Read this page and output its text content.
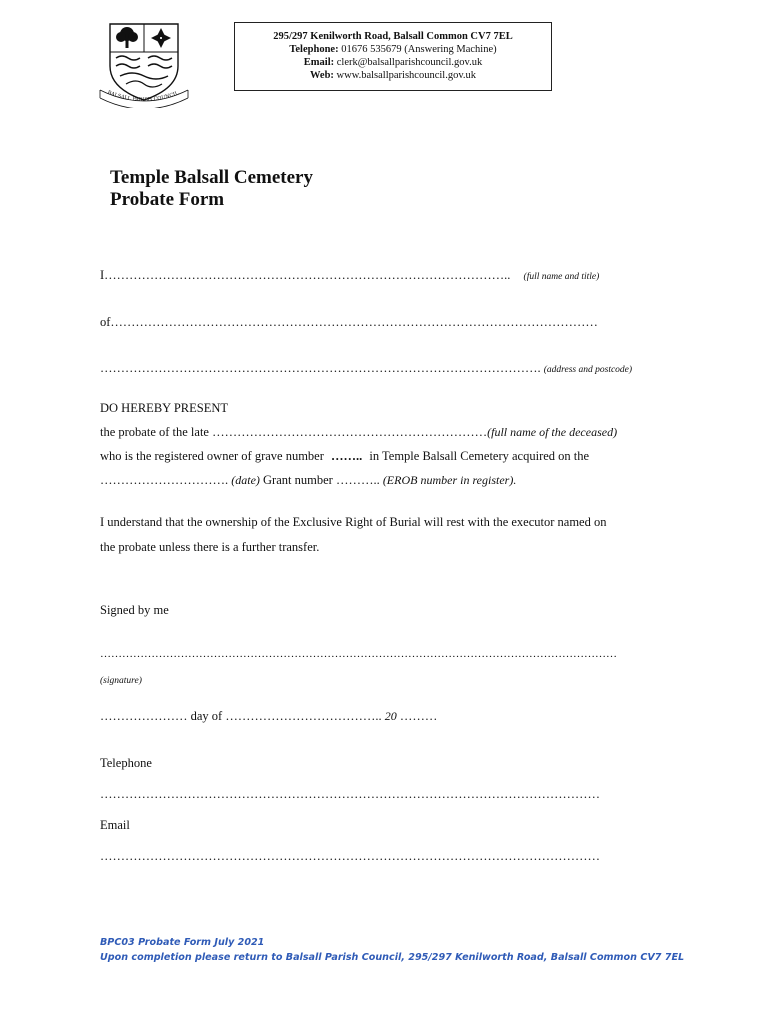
BALSALL PARISH COUNCIL
295/297 Kenilworth Road, Balsall Common CV7 7EL
Telephone: 01676 535679 (Answering Machine)
Email: clerk@balsallparishcouncil.gov.uk
Web: www.balsallparishcouncil.gov.uk
Temple Balsall Cemetery
Probate Form
I…………………………………………………………………………………….. (full name and title)
of………………………………………………………………………………………………………
……………………………………………………………………………………………. (address and postcode)
DO HEREBY PRESENT
the probate of the late …………………………………………………………(full name of the deceased)
who is the registered owner of grave number …….. in Temple Balsall Cemetery acquired on the
…………………………. (date) Grant number ……….. (EROB number in register).
I understand that the ownership of the Exclusive Right of Burial will rest with the executor named on
the probate unless there is a further transfer.
Signed by me
……………………………………………………………………………………………………………………………
(signature)
………………… day of ……………………………….. 20 ………
Telephone
…………………………………………………………………………………………………………
Email
…………………………………………………………………………………………………………
BPC03 Probate Form July 2021
Upon completion please return to Balsall Parish Council, 295/297 Kenilworth Road, Balsall Common CV7 7EL
